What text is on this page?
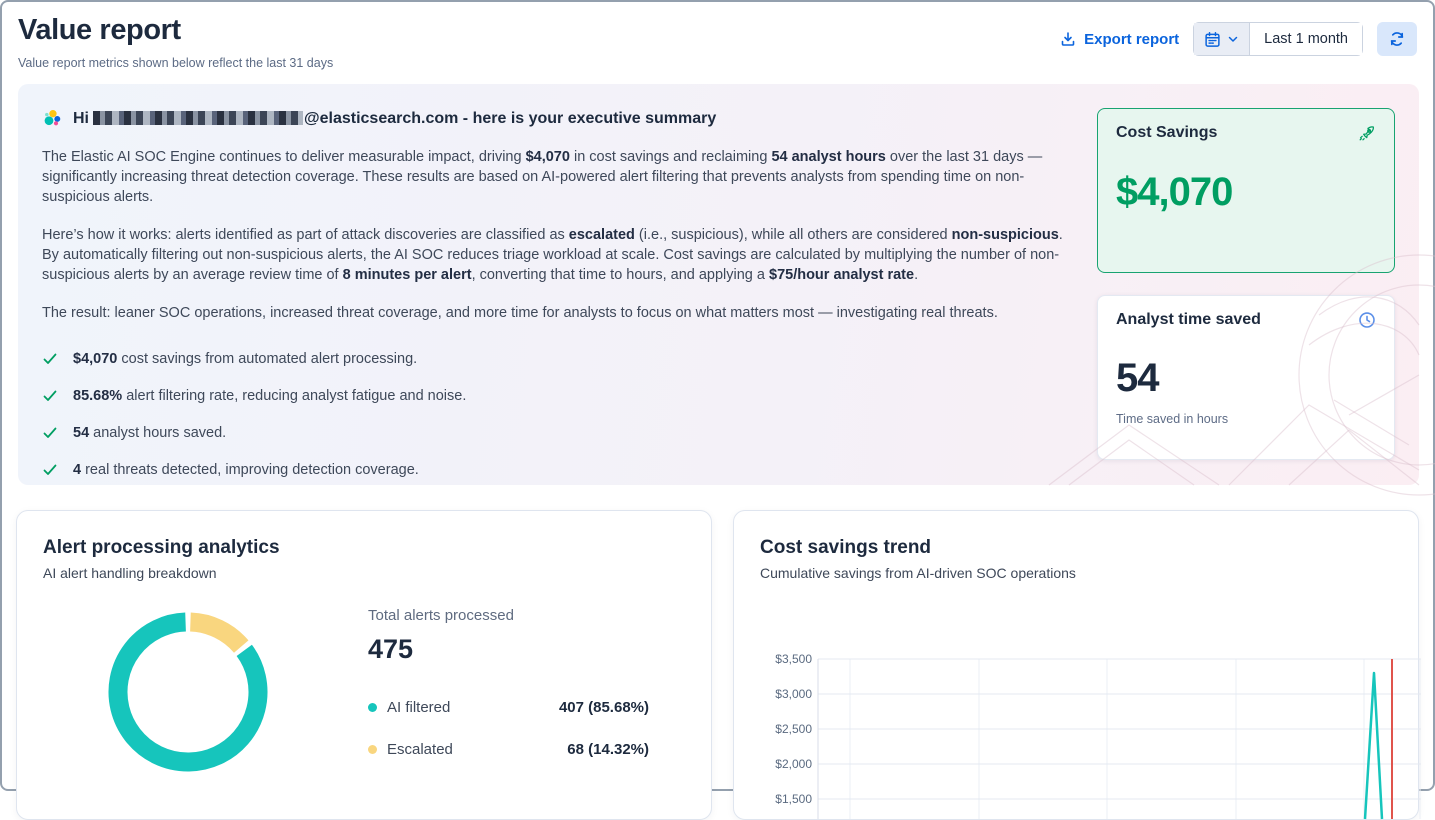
Value report
Value report metrics shown below reflect the last 31 days
Export report	Last 1 month
Hi	@elasticsearch.com - here is your executive summary

The Elastic AI SOC Engine continues to deliver measurable impact, driving $4,070 in cost savings and reclaiming 54 analyst hours over the last 31 days — significantly increasing threat detection coverage. These results are based on AI-powered alert filtering that prevents analysts from spending time on non-suspicious alerts.

Here’s how it works: alerts identified as part of attack discoveries are classified as escalated (i.e., suspicious), while all others are considered non-suspicious. By automatically filtering out non-suspicious alerts, the AI SOC reduces triage workload at scale. Cost savings are calculated by multiplying the number of non-suspicious alerts by an average review time of 8 minutes per alert, converting that time to hours, and applying a $75/hour analyst rate.

The result: leaner SOC operations, increased threat coverage, and more time for analysts to focus on what matters most — investigating real threats.

$4,070 cost savings from automated alert processing.
85.68% alert filtering rate, reducing analyst fatigue and noise.
54 analyst hours saved.
4 real threats detected, improving detection coverage.
Cost Savings
$4,070
Analyst time saved
54
Time saved in hours
Alert processing analytics
AI alert handling breakdown
Total alerts processed
475
AI filtered	407 (85.68%)
Escalated	68 (14.32%)
Cost savings trend
Cumulative savings from AI-driven SOC operations
$3,500
$3,000
$2,500
$2,000
$1,500
